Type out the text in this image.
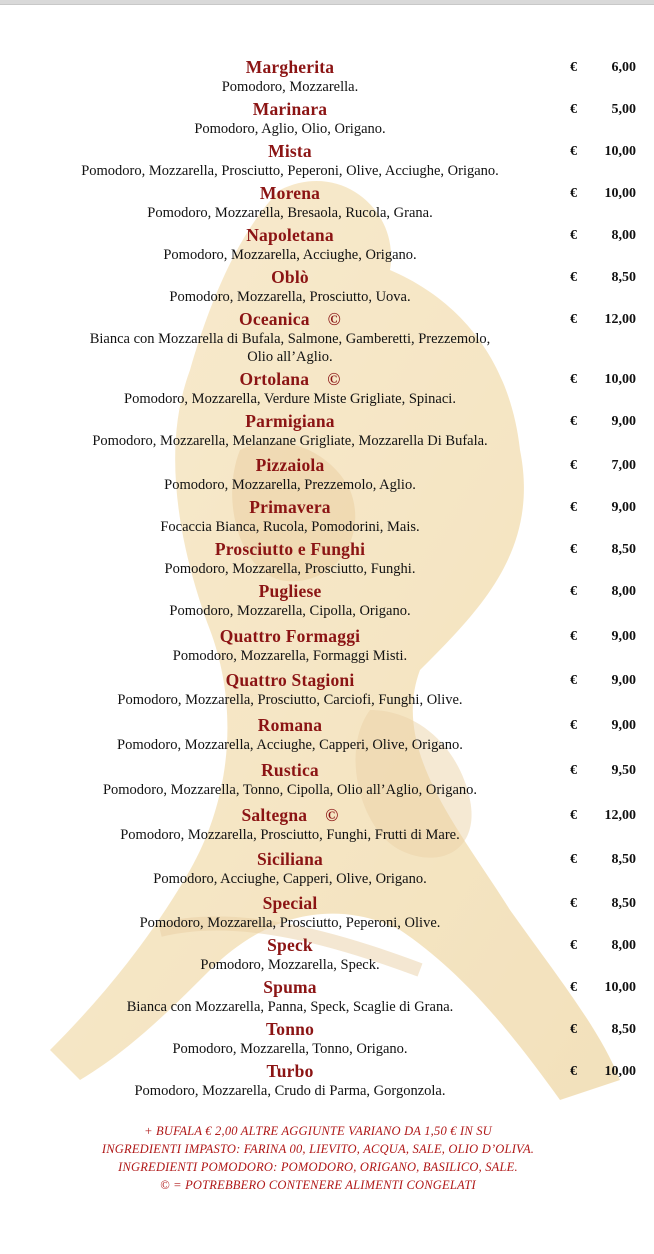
Margherita
Pomodoro, Mozzarella.
€ 6,00
Marinara
Pomodoro, Aglio, Olio, Origano.
€ 5,00
Mista
Pomodoro, Mozzarella, Prosciutto, Peperoni, Olive, Acciughe, Origano.
€ 10,00
Morena
Pomodoro, Mozzarella, Bresaola, Rucola, Grana.
€ 10,00
Napoletana
Pomodoro, Mozzarella, Acciughe, Origano.
€ 8,00
Oblò
Pomodoro, Mozzarella, Prosciutto, Uova.
€ 8,50
Oceanica ©
Bianca con Mozzarella di Bufala, Salmone, Gamberetti, Prezzemolo,
Olio all’Aglio.
€ 12,00
Ortolana ©
Pomodoro, Mozzarella, Verdure Miste Grigliate, Spinaci.
€ 10,00
Parmigiana
Pomodoro, Mozzarella, Melanzane Grigliate, Mozzarella Di Bufala.
€ 9,00
Pizzaiola
Pomodoro, Mozzarella, Prezzemolo, Aglio.
€ 7,00
Primavera
Focaccia Bianca, Rucola, Pomodorini, Mais.
€ 9,00
Prosciutto e Funghi
Pomodoro, Mozzarella, Prosciutto, Funghi.
€ 8,50
Pugliese
Pomodoro, Mozzarella, Cipolla, Origano.
€ 8,00
Quattro Formaggi
Pomodoro, Mozzarella, Formaggi Misti.
€ 9,00
Quattro Stagioni
Pomodoro, Mozzarella, Prosciutto, Carciofi, Funghi, Olive.
€ 9,00
Romana
Pomodoro, Mozzarella, Acciughe, Capperi, Olive, Origano.
€ 9,00
Rustica
Pomodoro, Mozzarella, Tonno, Cipolla, Olio all’Aglio, Origano.
€ 9,50
Saltegna ©
Pomodoro, Mozzarella, Prosciutto, Funghi, Frutti di Mare.
€ 12,00
Siciliana
Pomodoro, Acciughe, Capperi, Olive, Origano.
€ 8,50
Special
Pomodoro, Mozzarella, Prosciutto, Peperoni, Olive.
€ 8,50
Speck
Pomodoro, Mozzarella, Speck.
€ 8,00
Spuma
Bianca con Mozzarella, Panna, Speck, Scaglie di Grana.
€ 10,00
Tonno
Pomodoro, Mozzarella, Tonno, Origano.
€ 8,50
Turbo
Pomodoro, Mozzarella, Crudo di Parma, Gorgonzola.
€ 10,00
+ BUFALA € 2,00 ALTRE AGGIUNTE VARIANO DA 1,50 € IN SU
INGREDIENTI IMPASTO: FARINA 00, LIEVITO, ACQUA, SALE, OLIO D’OLIVA.
INGREDIENTI POMODORO: POMODORO, ORIGANO, BASILICO, SALE.
© = POTREBBERO CONTENERE ALIMENTI CONGELATI
